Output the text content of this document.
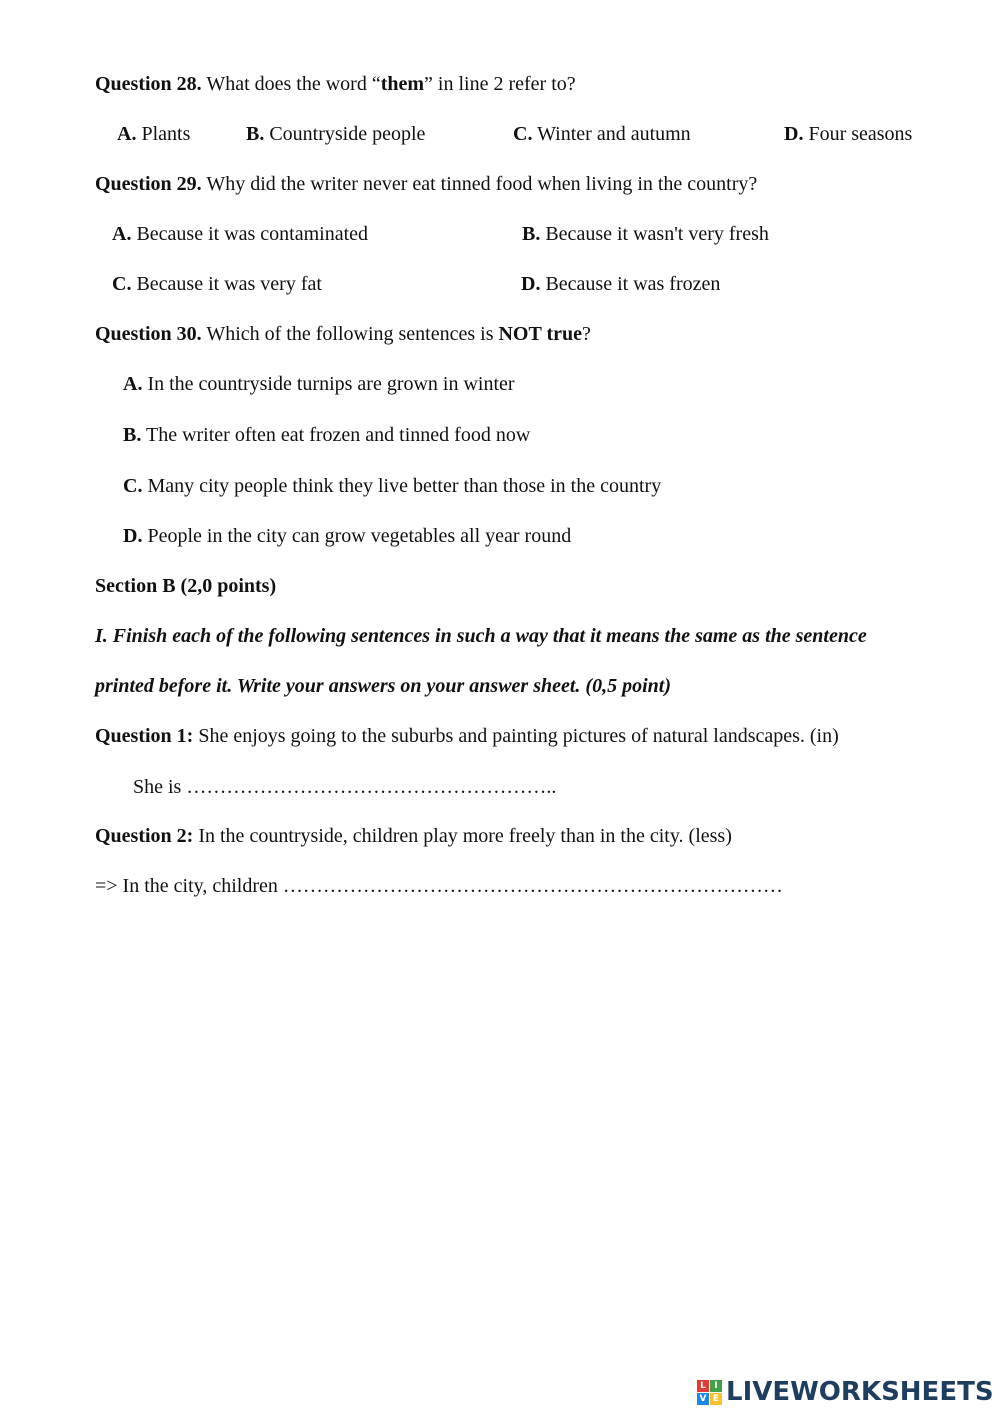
Question 28. What does the word “them” in line 2 refer to?
A. Plants	B. Countryside people	C. Winter and autumn	D. Four seasons
Question 29. Why did the writer never eat tinned food when living in the country?
A. Because it was contaminated	B. Because it wasn't very fresh
C. Because it was very fat	D. Because it was frozen
Question 30. Which of the following sentences is NOT true?
A. In the countryside turnips are grown in winter
B. The writer often eat frozen and tinned food now
C. Many city people think they live better than those in the country
D. People in the city can grow vegetables all year round
Section B (2,0 points)
I. Finish each of the following sentences in such a way that it means the same as the sentence
printed before it. Write your answers on your answer sheet. (0,5 point)
Question 1: She enjoys going to the suburbs and painting pictures of natural landscapes. (in)
She is ………………………………………………..
Question 2: In the countryside, children play more freely than in the city. (less)
=> In the city, children …………………………………………………………………
L I
V E LIVEWORKSHEETS
